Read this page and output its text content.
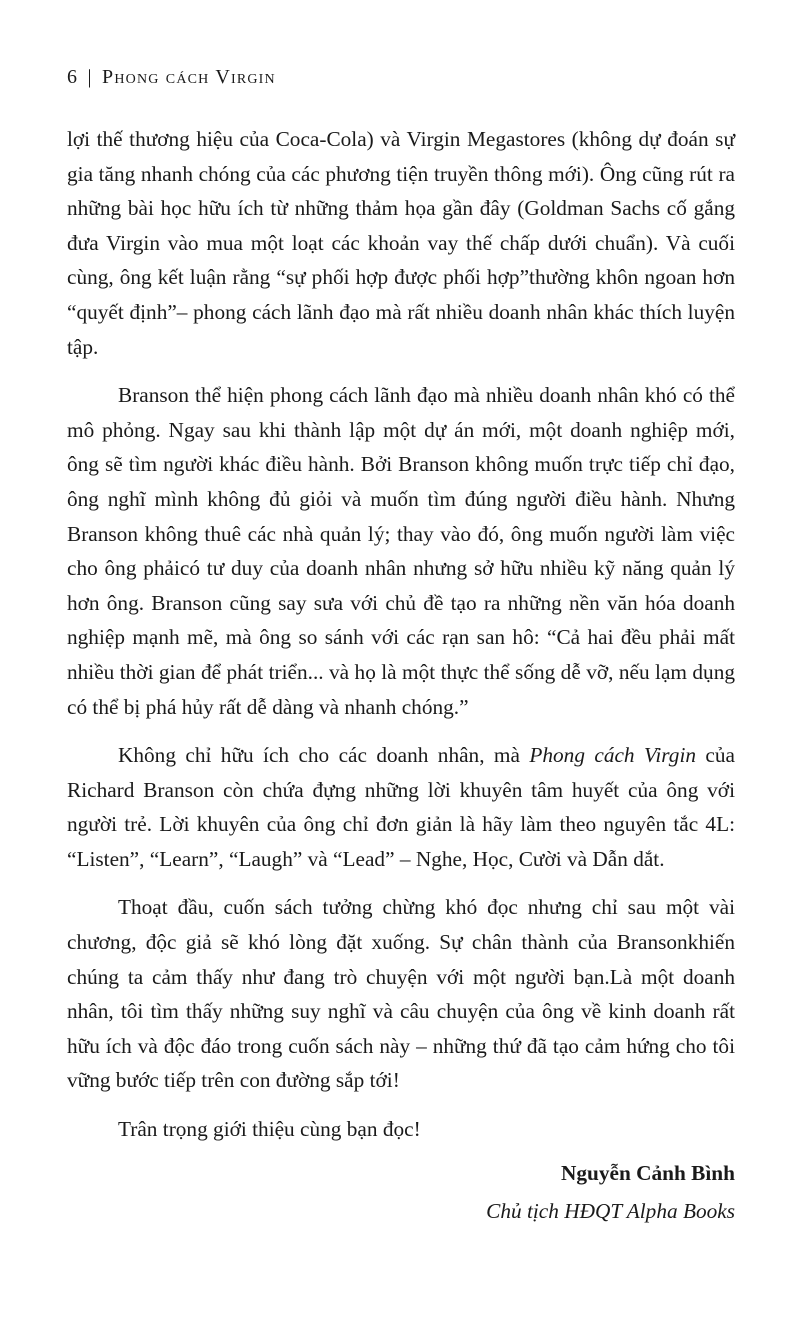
6 | Phong cách Virgin

lợi thế thương hiệu của Coca-Cola) và Virgin Megastores (không dự đoán sự gia tăng nhanh chóng của các phương tiện truyền thông mới). Ông cũng rút ra những bài học hữu ích từ những thảm họa gần đây (Goldman Sachs cố gắng đưa Virgin vào mua một loạt các khoản vay thế chấp dưới chuẩn). Và cuối cùng, ông kết luận rằng “sự phối hợp được phối hợp”thường khôn ngoan hơn “quyết định”– phong cách lãnh đạo mà rất nhiều doanh nhân khác thích luyện tập.

Branson thể hiện phong cách lãnh đạo mà nhiều doanh nhân khó có thể mô phỏng. Ngay sau khi thành lập một dự án mới, một doanh nghiệp mới, ông sẽ tìm người khác điều hành. Bởi Branson không muốn trực tiếp chỉ đạo, ông nghĩ mình không đủ giỏi và muốn tìm đúng người điều hành. Nhưng Branson không thuê các nhà quản lý; thay vào đó, ông muốn người làm việc cho ông phảicó tư duy của doanh nhân nhưng sở hữu nhiều kỹ năng quản lý hơn ông. Branson cũng say sưa với chủ đề tạo ra những nền văn hóa doanh nghiệp mạnh mẽ, mà ông so sánh với các rạn san hô: “Cả hai đều phải mất nhiều thời gian để phát triển... và họ là một thực thể sống dễ vỡ, nếu lạm dụng có thể bị phá hủy rất dễ dàng và nhanh chóng.”

Không chỉ hữu ích cho các doanh nhân, mà Phong cách Virgin của Richard Branson còn chứa đựng những lời khuyên tâm huyết của ông với người trẻ. Lời khuyên của ông chỉ đơn giản là hãy làm theo nguyên tắc 4L: “Listen”, “Learn”, “Laugh” và “Lead” – Nghe, Học, Cười và Dẫn dắt.

Thoạt đầu, cuốn sách tưởng chừng khó đọc nhưng chỉ sau một vài chương, độc giả sẽ khó lòng đặt xuống. Sự chân thành của Bransonkhiến chúng ta cảm thấy như đang trò chuyện với một người bạn.Là một doanh nhân, tôi tìm thấy những suy nghĩ và câu chuyện của ông về kinh doanh rất hữu ích và độc đáo trong cuốn sách này – những thứ đã tạo cảm hứng cho tôi vững bước tiếp trên con đường sắp tới!

Trân trọng giới thiệu cùng bạn đọc!

Nguyễn Cảnh Bình
Chủ tịch HĐQT Alpha Books
